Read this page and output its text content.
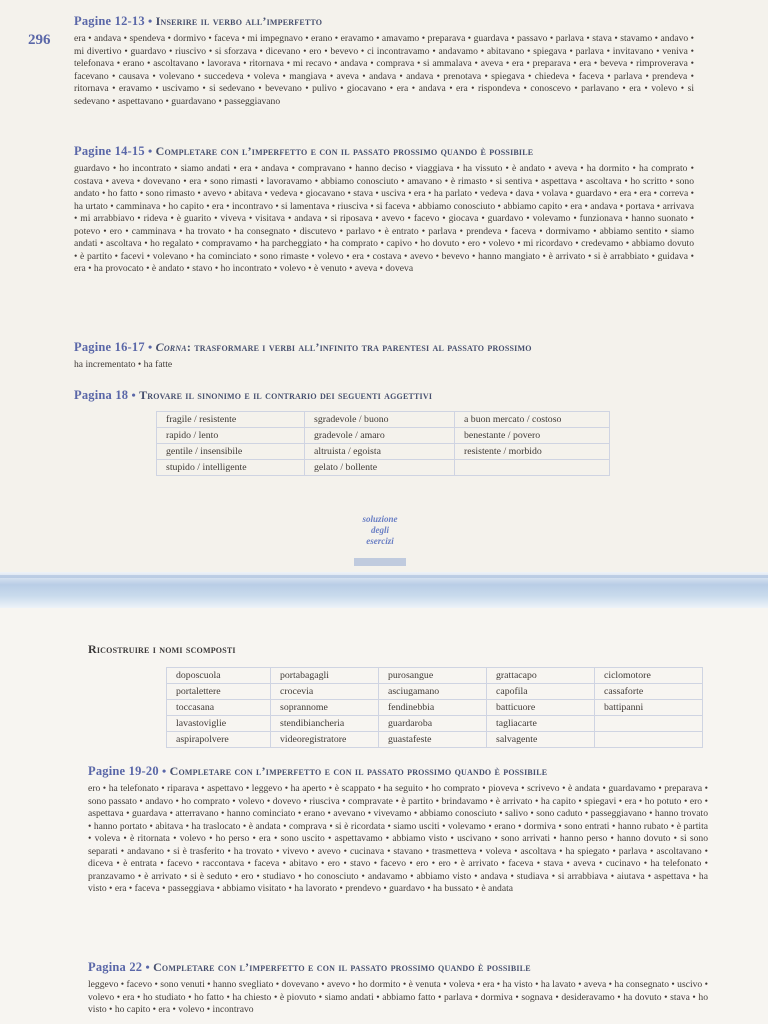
296
Pagine 12-13 • Inserire il verbo all’imperfetto

era • andava • spendeva • dormivo • faceva • mi impegnavo • erano • eravamo • amavamo • preparava • guardava • passavo • parlava • stava • stavamo • andavo • mi divertivo • guardavo • riuscivo • si sforzava • dicevano • ero • bevevo • ci incontravamo • andavamo • abitavano • spiegava • parlava • invitavano • veniva • telefonava • erano • ascoltavano • lavorava • ritornava • mi recavo • andava • comprava • si ammalava • aveva • era • preparava • era • beveva • rimproverava • facevano • causava • volevano • succedeva • voleva • mangiava • aveva • andava • andava • prenotava • spiegava • chiedeva • faceva • parlava • prendeva • ritornava • eravamo • uscivamo • si sedevano • bevevano • pulivo • giocavano • era • andava • era • rispondeva • conoscevo • parlavano • era • volevo • si sedevano • aspettavano • guardavano • passeggiavano

Pagine 14-15 • Completare con l’imperfetto e con il passato prossimo quando è possibile

guardavo • ho incontrato • siamo andati • era • andava • compravano • hanno deciso • viaggiava • ha vissuto • è andato • aveva • ha dormito • ha comprato • costava • aveva • dovevano • era • sono rimasti • lavoravamo • abbiamo conosciuto • amavano • è rimasto • si sentiva • aspettava • ascoltava • ho scritto • sono andato • ho fatto • sono rimasto • avevo • abitava • vedeva • giocavano • stava • usciva • era • ha parlato • vedeva • dava • volava • guardavo • era • era • correva • ha urtato • camminava • ho capito • era • incontravo • si lamentava • riusciva • si faceva • abbiamo conosciuto • abbiamo capito • era • andava • portava • arrivava • mi arrabbiavo • rideva • è guarito • viveva • visitava • andava • si riposava • avevo • facevo • giocava • guardavo • volevamo • funzionava • hanno suonato • potevo • ero • camminava • ha trovato • ha consegnato • discutevo • parlavo • è entrato • parlava • prendeva • faceva • dormivamo • abbiamo sentito • siamo andati • ascoltava • ho regalato • compravamo • ha parcheggiato • ha comprato • capivo • ho dovuto • ero • volevo • mi ricordavo • credevamo • abbiamo dovuto • è partito • facevi • volevano • ha cominciato • sono rimaste • volevo • era • costava • avevo • bevevo • hanno mangiato • è arrivato • si è arrabbiato • guidava • era • ha provocato • è andato • stavo • ho incontrato • volevo • è venuto • aveva • doveva

Pagine 16-17 • Corna: trasformare i verbi all’infinito tra parentesi al passato prossimo

ha incrementato • ha fatte

Pagina 18 • Trovare il sinonimo e il contrario dei seguenti aggettivi
fragile / resistente	sgradevole / buono	a buon mercato / costoso
rapido / lento	gradevole / amaro	benestante / povero
gentile / insensibile	altruista / egoista	resistente / morbido
stupido / intelligente	gelato / bollente	
soluzione
degli
esercizi
Ricostruire i nomi scomposti
doposcuola	portabagagli	purosangue	grattacapo	ciclomotore
portalettere	crocevia	asciugamano	capofila	cassaforte
toccasana	soprannome	fendinebbia	batticuore	battipanni
lavastoviglie	stendibiancheria	guardaroba	tagliacarte	
aspirapolvere	videoregistratore	guastafeste	salvagente	
Pagine 19-20 • Completare con l’imperfetto e con il passato prossimo quando è possibile

ero • ha telefonato • riparava • aspettavo • leggevo • ha aperto • è scappato • ha seguito • ho comprato • pioveva • scrivevo • è andata • guardavamo • preparava • sono passato • andavo • ho comprato • volevo • dovevo • riusciva • compravate • è partito • brindavamo • è arrivato • ha capito • spiegavi • era • ho potuto • ero • aspettava • guardava • atterravano • hanno cominciato • erano • avevano • vivevamo • abbiamo conosciuto • salivo • sono caduto • passeggiavano • hanno trovato • hanno portato • abitava • ha traslocato • è andata • comprava • si è ricordata • siamo usciti • volevamo • erano • dormiva • sono entrati • hanno rubato • è partita • voleva • è ritornata • volevo • ho perso • era • sono uscito • aspettavamo • abbiamo visto • uscivano • sono arrivati • hanno perso • hanno dovuto • si sono separati • andavano • si è trasferito • ha trovato • vivevo • avevo • cucinava • stavano • trasmetteva • voleva • ascoltava • ha spiegato • parlava • ascoltavano • diceva • è entrata • facevo • raccontava • faceva • abitavo • ero • stavo • facevo • ero • ero • è arrivato • faceva • stava • aveva • cucinavo • ha telefonato • pranzavamo • è arrivato • si è seduto • ero • studiavo • ho conosciuto • andavamo • abbiamo visto • andava • studiava • si arrabbiava • aiutava • aspettava • ha visto • era • faceva • passeggiava • abbiamo visitato • ha lavorato • prendevo • guardavo • ha bussato • è andata

Pagina 22 • Completare con l’imperfetto e con il passato prossimo quando è possibile

leggevo • facevo • sono venuti • hanno svegliato • dovevano • avevo • ho dormito • è venuta • voleva • era • ha visto • ha lavato • aveva • ha consegnato • uscivo • volevo • era • ho studiato • ho fatto • ha chiesto • è piovuto • siamo andati • abbiamo fatto • parlava • dormiva • sognava • desideravamo • ha dovuto • stava • ho visto • ho capito • era • volevo • incontravo
